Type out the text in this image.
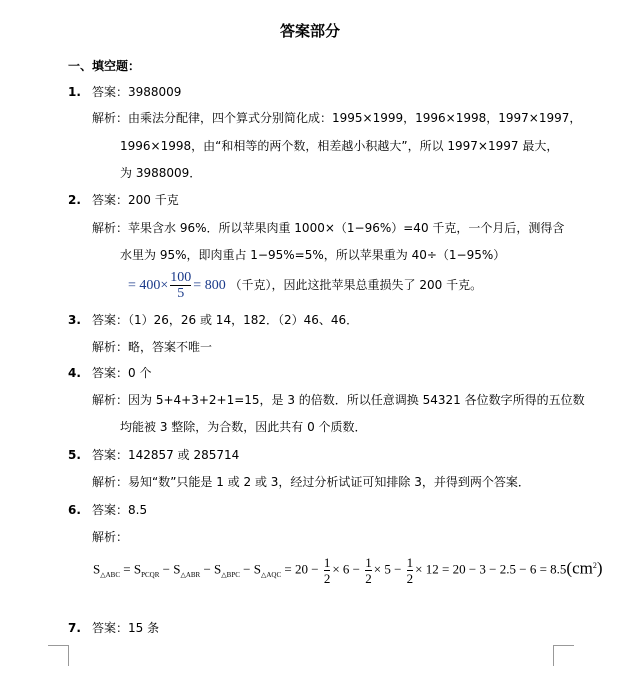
答案部分
一、填空题：
1. 答案：3988009
解析：由乘法分配律，四个算式分别简化成：1995×1999，1996×1998，1997×1997，
1996×1998，由“和相等的两个数，相差越小积越大”，所以 1997×1997 最大，
为 3988009．
2. 答案：200 千克
解析：苹果含水 96%．所以苹果肉重 1000×（1−96%）=40 千克，一个月后，测得含
水里为 95%，即肉重占 1−95%=5%，所以苹果重为 40÷（1−95%）
= $400\times \frac{100}{5} = 800$ （千克），因此这批苹果总重损失了 200 千克。
3. 答案：（1）26，26 或 14，182．（2）46、46．
解析：略，答案不唯一
4. 答案：0 个
解析：因为 5+4+3+2+1=15，是 3 的倍数．所以任意调换 54321 各位数字所得的五位数
均能被 3 整除，为合数，因此共有 0 个质数．
5. 答案：142857 或 285714
解析：易知“数”只能是 1 或 2 或 3，经过分析试证可知排除 3，并得到两个答案．
6. 答案：8.5
解析：
$S_{\triangle ABC} = S_{PCQR} - S_{\triangle ABR} - S_{\triangle BPC} - S_{\triangle AQC} = 20 - \frac{1}{2} \times 6 - \frac{1}{2} \times 5 - \frac{1}{2} \times 12 = 20 - 3 - 2.5 - 6 = 8.5(cm^2)$
7. 答案：15 条
